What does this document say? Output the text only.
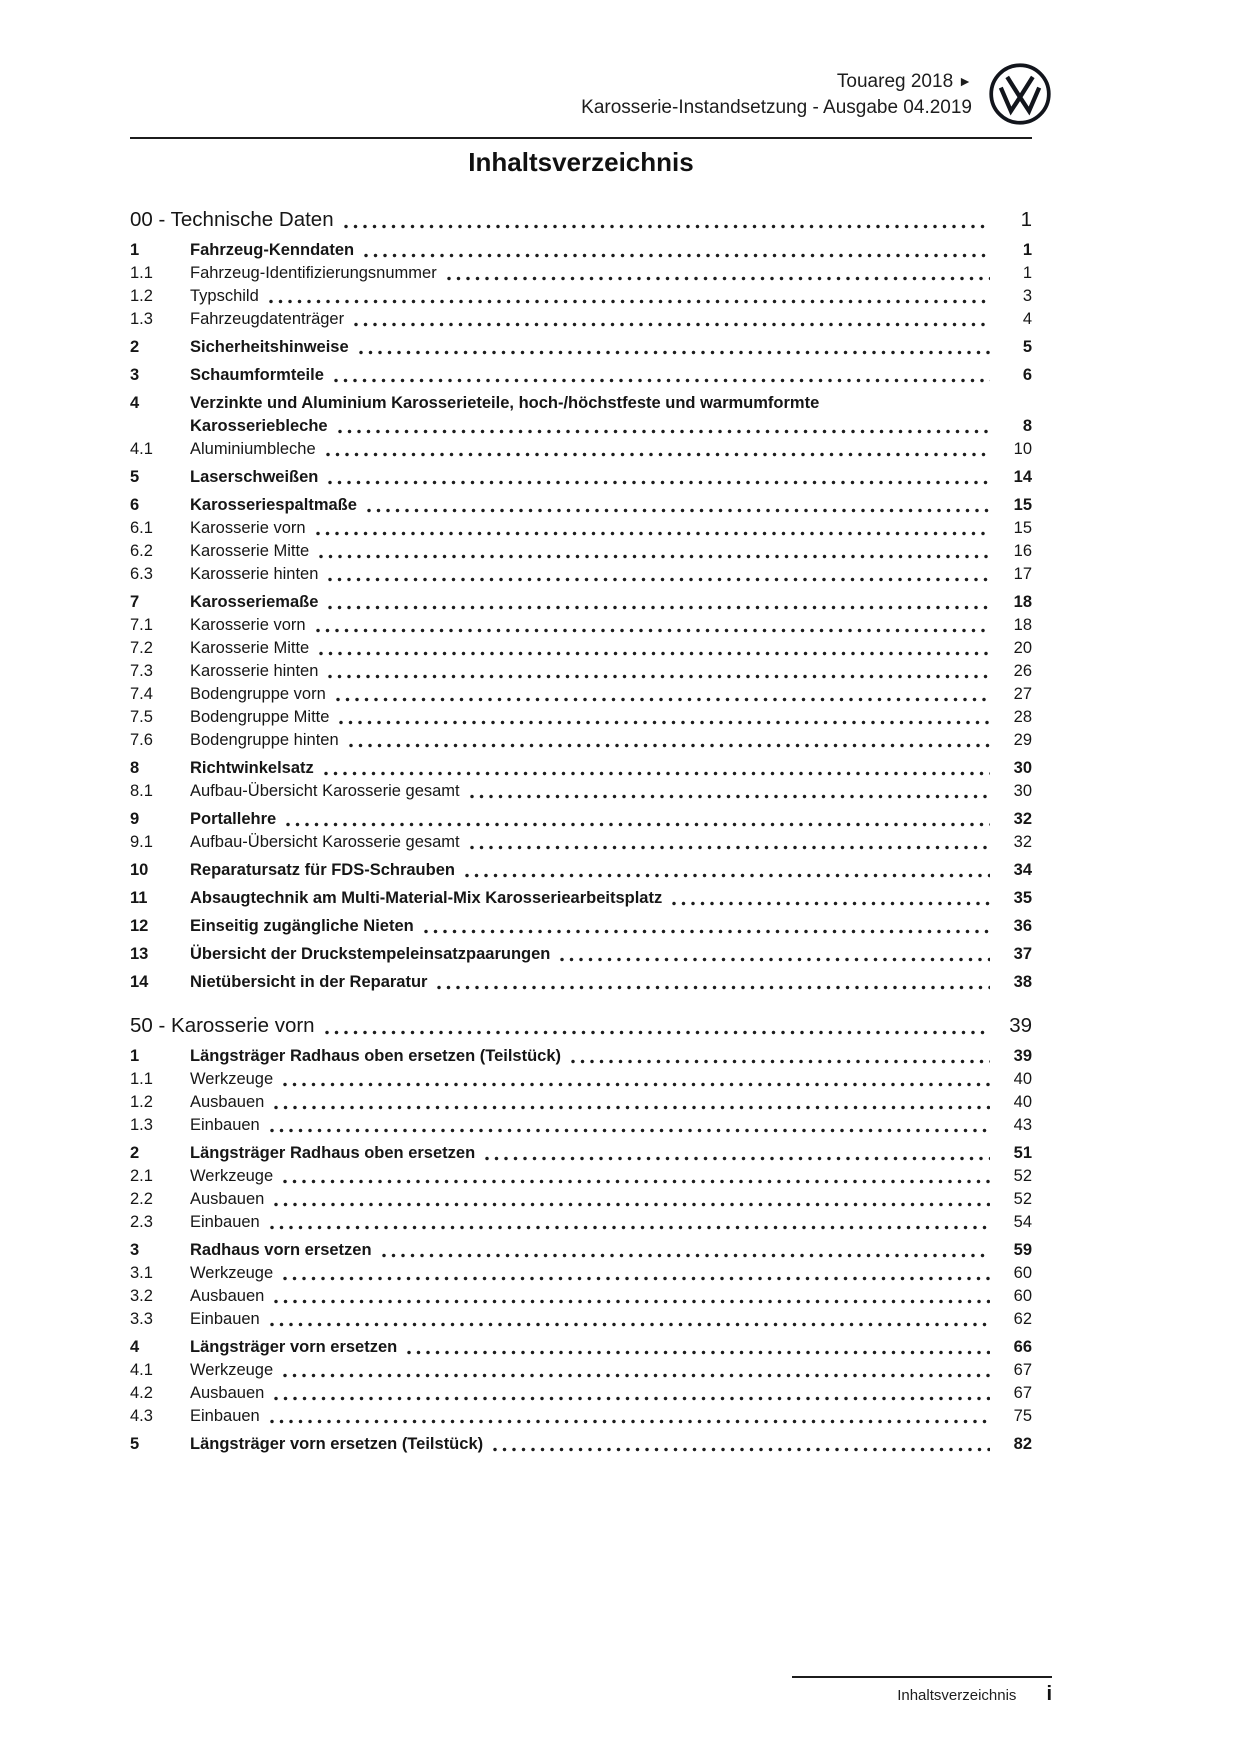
Touareg 2018 ►
Karosserie-Instandsetzung - Ausgabe 04.2019
Inhaltsverzeichnis
00 - Technische Daten	1
1	Fahrzeug-Kenndaten	1
1.1	Fahrzeug-Identifizierungsnummer	1
1.2	Typschild	3
1.3	Fahrzeugdatenträger	4
2	Sicherheitshinweise	5
3	Schaumformteile	6
4	Verzinkte und Aluminium Karosserieteile, hoch-/höchstfeste und warmumformte
Karosseriebleche	8
4.1	Aluminiumbleche	10
5	Laserschweißen	14
6	Karosseriespaltmaße	15
6.1	Karosserie vorn	15
6.2	Karosserie Mitte	16
6.3	Karosserie hinten	17
7	Karosseriemaße	18
7.1	Karosserie vorn	18
7.2	Karosserie Mitte	20
7.3	Karosserie hinten	26
7.4	Bodengruppe vorn	27
7.5	Bodengruppe Mitte	28
7.6	Bodengruppe hinten	29
8	Richtwinkelsatz	30
8.1	Aufbau-Übersicht Karosserie gesamt	30
9	Portallehre	32
9.1	Aufbau-Übersicht Karosserie gesamt	32
10	Reparatursatz für FDS-Schrauben	34
11	Absaugtechnik am Multi-Material-Mix Karosseriearbeitsplatz	35
12	Einseitig zugängliche Nieten	36
13	Übersicht der Druckstempeleinsatzpaarungen	37
14	Nietübersicht in der Reparatur	38
50 - Karosserie vorn	39
1	Längsträger Radhaus oben ersetzen (Teilstück)	39
1.1	Werkzeuge	40
1.2	Ausbauen	40
1.3	Einbauen	43
2	Längsträger Radhaus oben ersetzen	51
2.1	Werkzeuge	52
2.2	Ausbauen	52
2.3	Einbauen	54
3	Radhaus vorn ersetzen	59
3.1	Werkzeuge	60
3.2	Ausbauen	60
3.3	Einbauen	62
4	Längsträger vorn ersetzen	66
4.1	Werkzeuge	67
4.2	Ausbauen	67
4.3	Einbauen	75
5	Längsträger vorn ersetzen (Teilstück)	82
Inhaltsverzeichnis i
